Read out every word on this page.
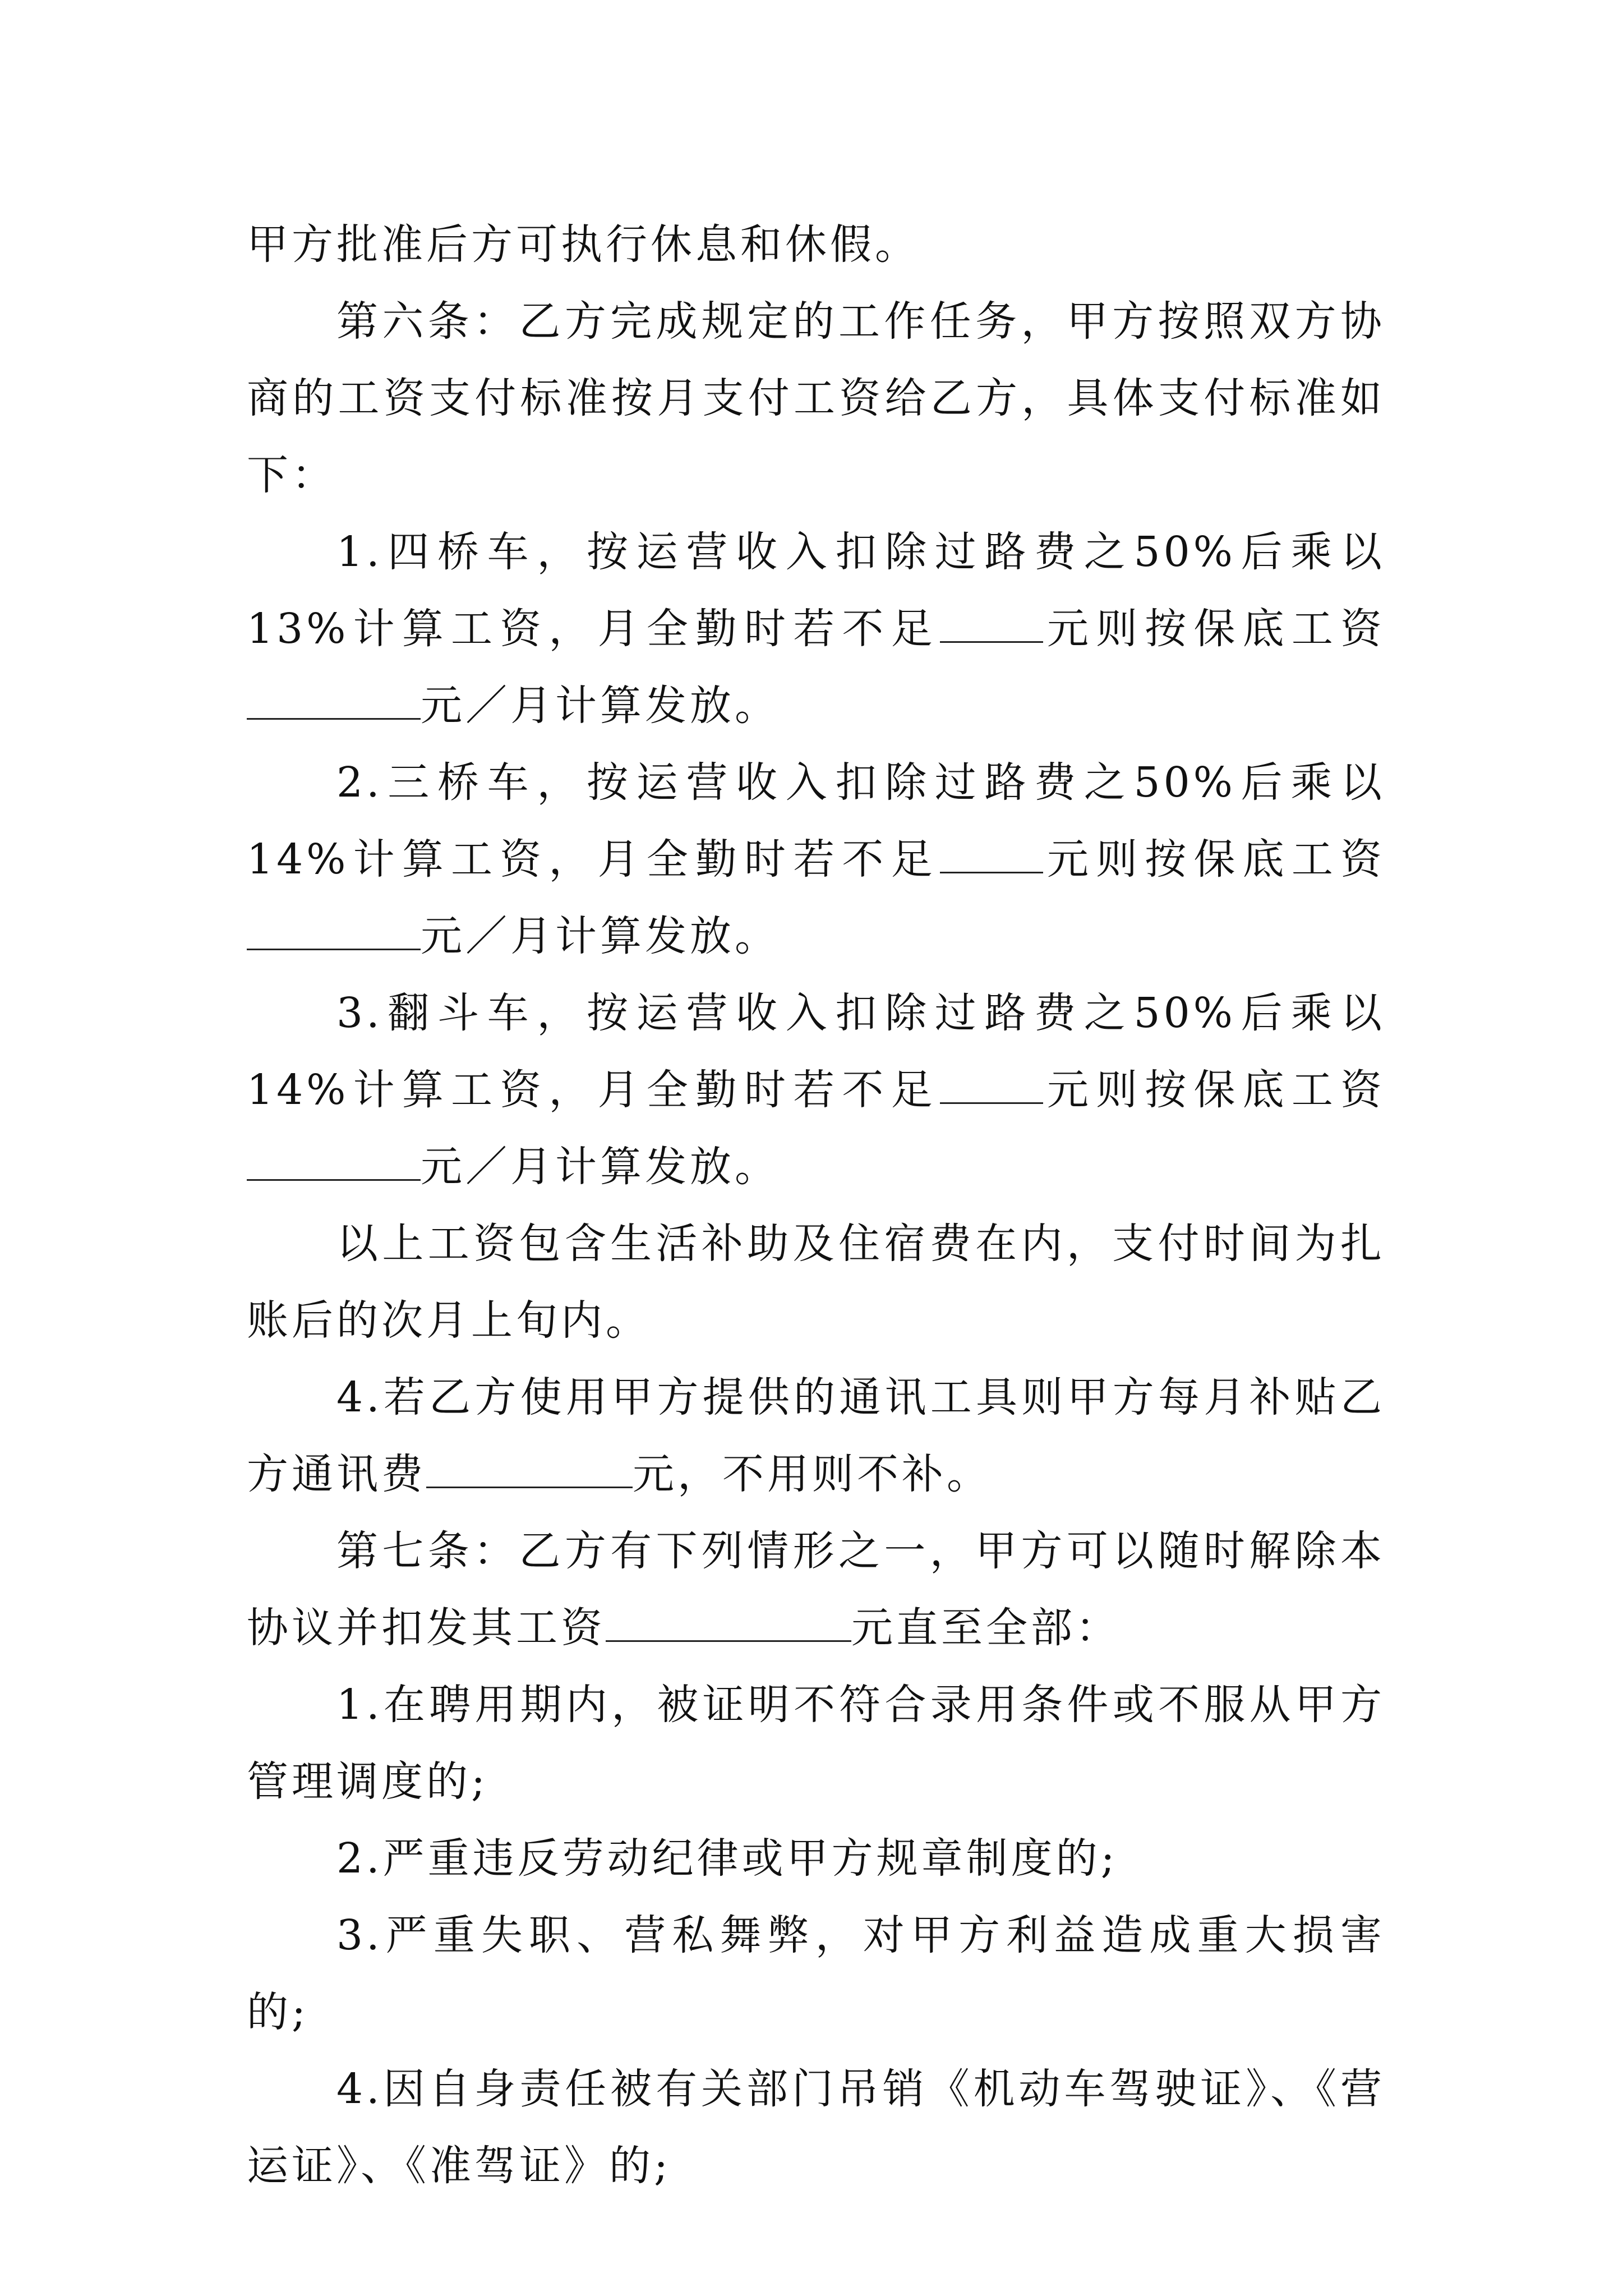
甲方批准后方可执行休息和休假。

第六条：乙方完成规定的工作任务，甲方按照双方协商的工资支付标准按月支付工资给乙方，具体支付标准如下：

1.四桥车，按运营收入扣除过路费之50%后乘以13%计算工资，月全勤时若不足 元则按保底工资元／月计算发放。

2.三桥车，按运营收入扣除过路费之50%后乘以14%计算工资，月全勤时若不足 元则按保底工资元／月计算发放。

3.翻斗车，按运营收入扣除过路费之50%后乘以14%计算工资，月全勤时若不足 元则按保底工资元／月计算发放。

以上工资包含生活补助及住宿费在内，支付时间为扎账后的次月上旬内。

4.若乙方使用甲方提供的通讯工具则甲方每月补贴乙方通讯费	元，不用则不补。

第七条：乙方有下列情形之一，甲方可以随时解除本协议并扣发其工资	元直至全部：

1.在聘用期内，被证明不符合录用条件或不服从甲方管理调度的;

2.严重违反劳动纪律或甲方规章制度的;

3.严重失职、营私舞弊，对甲方利益造成重大损害的;

4.因自身责任被有关部门吊销《机动车驾驶证》、《营运证》、《准驾证》的;
